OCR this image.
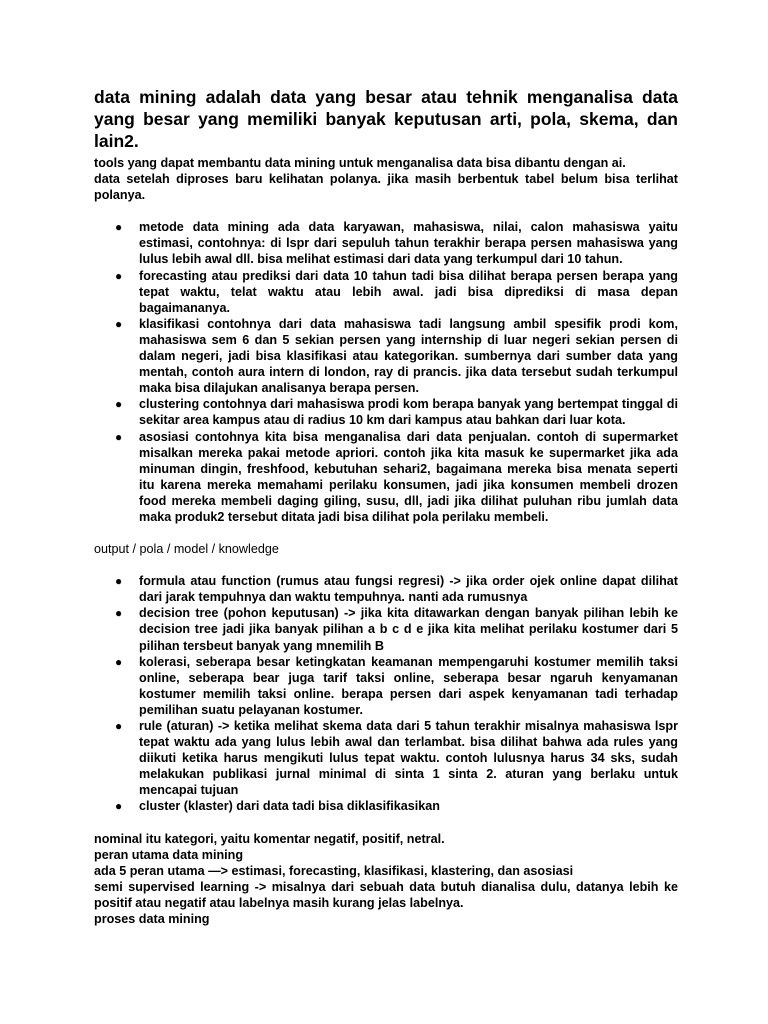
data mining adalah data yang besar atau tehnik menganalisa data yang besar yang memiliki banyak keputusan arti, pola, skema, dan lain2.

tools yang dapat membantu data mining untuk menganalisa data bisa dibantu dengan ai.

data setelah diproses baru kelihatan polanya. jika masih berbentuk tabel belum bisa terlihat polanya.

● metode data mining ada data karyawan, mahasiswa, nilai, calon mahasiswa yaitu estimasi, contohnya: di lspr dari sepuluh tahun terakhir berapa persen mahasiswa yang lulus lebih awal dll. bisa melihat estimasi dari data yang terkumpul dari 10 tahun.
● forecasting atau prediksi dari data 10 tahun tadi bisa dilihat berapa persen berapa yang tepat waktu, telat waktu atau lebih awal. jadi bisa diprediksi di masa depan bagaimananya.
● klasifikasi contohnya dari data mahasiswa tadi langsung ambil spesifik prodi kom, mahasiswa sem 6 dan 5 sekian persen yang internship di luar negeri sekian persen di dalam negeri, jadi bisa klasifikasi atau kategorikan. sumbernya dari sumber data yang mentah, contoh aura intern di london, ray di prancis. jika data tersebut sudah terkumpul maka bisa dilajukan analisanya berapa persen.
● clustering contohnya dari mahasiswa prodi kom berapa banyak yang bertempat tinggal di sekitar area kampus atau di radius 10 km dari kampus atau bahkan dari luar kota.
● asosiasi contohnya kita bisa menganalisa dari data penjualan. contoh di supermarket misalkan mereka pakai metode apriori. contoh jika kita masuk ke supermarket jika ada minuman dingin, freshfood, kebutuhan sehari2, bagaimana mereka bisa menata seperti itu karena mereka memahami perilaku konsumen, jadi jika konsumen membeli drozen food mereka membeli daging giling, susu, dll, jadi jika dilihat puluhan ribu jumlah data maka produk2 tersebut ditata jadi bisa dilihat pola perilaku membeli.

output / pola / model / knowledge

● formula atau function (rumus atau fungsi regresi) -> jika order ojek online dapat dilihat dari jarak tempuhnya dan waktu tempuhnya. nanti ada rumusnya
● decision tree (pohon keputusan) -> jika kita ditawarkan dengan banyak pilihan lebih ke decision tree jadi jika banyak pilihan a b c d e jika kita melihat perilaku kostumer dari 5 pilihan tersbeut banyak yang mnemilih B
● kolerasi, seberapa besar ketingkatan keamanan mempengaruhi kostumer memilih taksi online, seberapa bear juga tarif taksi online, seberapa besar ngaruh kenyamanan kostumer memilih taksi online. berapa persen dari aspek kenyamanan tadi terhadap pemilihan suatu pelayanan kostumer.
● rule (aturan) -> ketika melihat skema data dari 5 tahun terakhir misalnya mahasiswa lspr tepat waktu ada yang lulus lebih awal dan terlambat. bisa dilihat bahwa ada rules yang diikuti ketika harus mengikuti lulus tepat waktu. contoh lulusnya harus 34 sks, sudah melakukan publikasi jurnal minimal di sinta 1 sinta 2. aturan yang berlaku untuk mencapai tujuan
● cluster (klaster) dari data tadi bisa diklasifikasikan

nominal itu kategori, yaitu komentar negatif, positif, netral.

peran utama data mining

ada 5 peran utama —> estimasi, forecasting, klasifikasi, klastering, dan asosiasi

semi supervised learning -> misalnya dari sebuah data butuh dianalisa dulu, datanya lebih ke positif atau negatif atau labelnya masih kurang jelas labelnya.

proses data mining
